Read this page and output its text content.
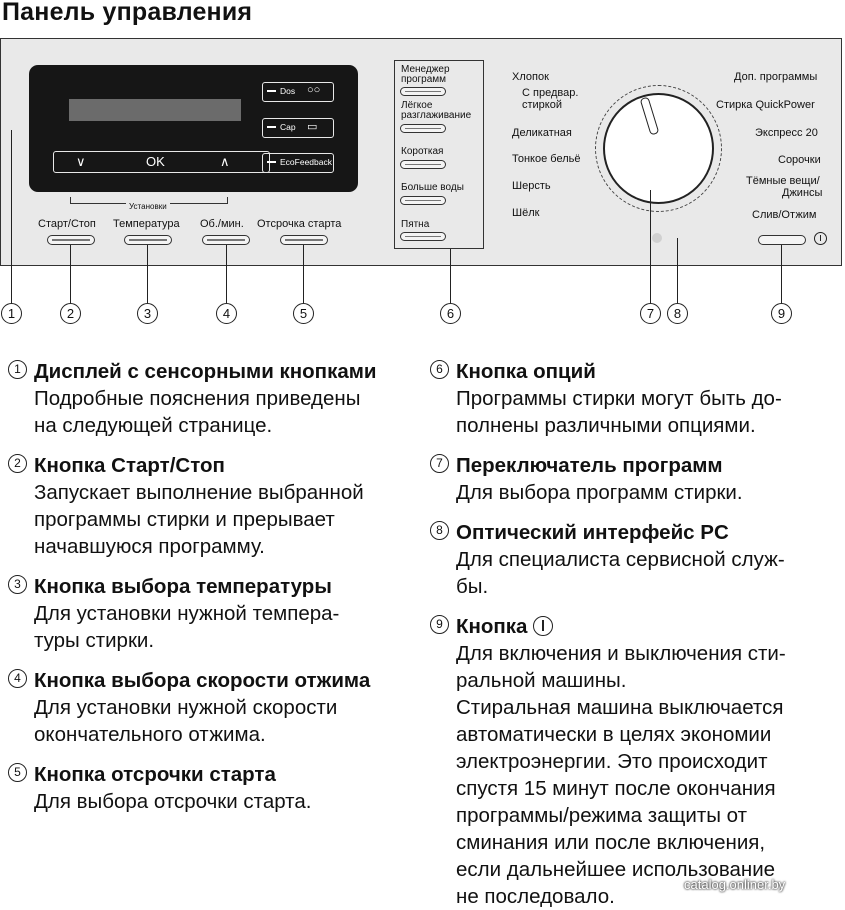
Панель управления
∨	OK	∧
Dos ○○
Cap ▭
EcoFeedback
Установки
Старт/Стоп Температура Об./мин. Отсрочка старта
Менеджер
программ
Лёгкое
разглаживание
Короткая
Больше воды
Пятна
Хлопок
С предвар.
стиркой
Деликатная
Тонкое бельё
Шерсть
Шёлк
Доп. программы
Стирка QuickPower
Экспресс 20
Сорочки
Тёмные вещи/
Джинсы
Слив/Отжим
1	2	3	4	5	6	7	8	9
1 Дисплей с сенсорными кнопками
Подробные пояснения приведены
на следующей странице.
2 Кнопка Старт/Стоп
Запускает выполнение выбранной
программы стирки и прерывает
начавшуюся программу.
3 Кнопка выбора температуры
Для установки нужной темпера-
туры стирки.
4 Кнопка выбора скорости отжима
Для установки нужной скорости
окончательного отжима.
5 Кнопка отсрочки старта
Для выбора отсрочки старта.
6 Кнопка опций
Программы стирки могут быть до-
полнены различными опциями.
7 Переключатель программ
Для выбора программ стирки.
8 Оптический интерфейс PC
Для специалиста сервисной служ-
бы.
9 Кнопка
Для включения и выключения сти-
ральной машины.
Стиральная машина выключается
автоматически в целях экономии
электроэнергии. Это происходит
спустя 15 минут после окончания
программы/режима защиты от
сминания или после включения,
если дальнейшее использование
не последовало.
catalog.onliner.by
